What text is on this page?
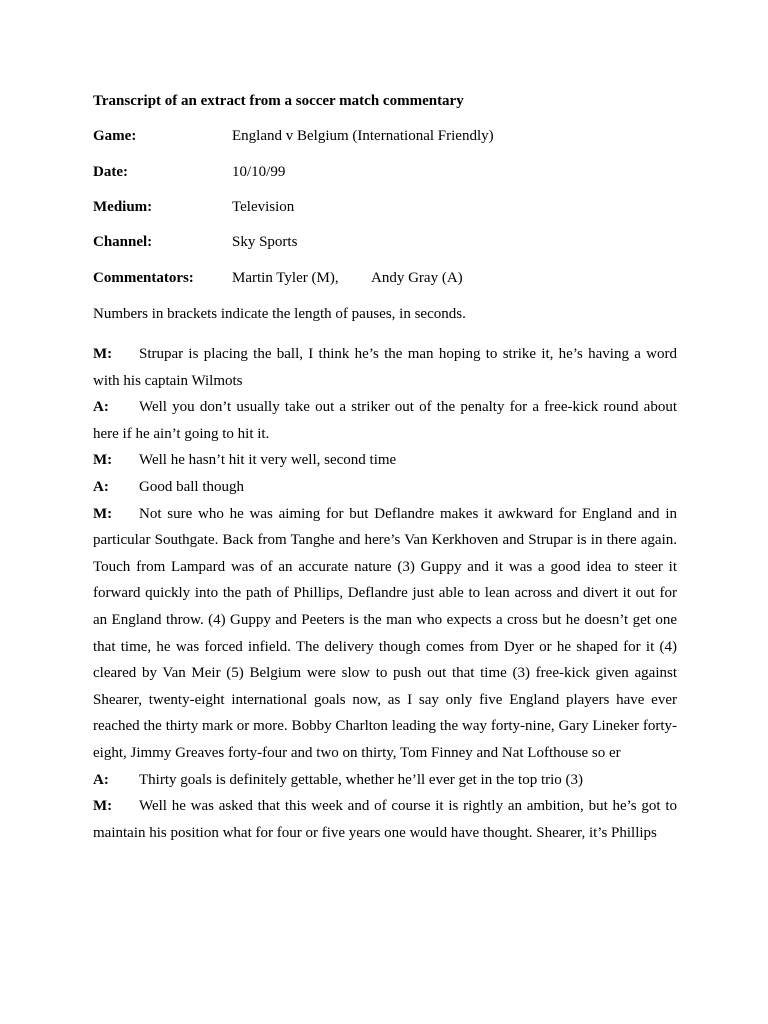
Transcript of an extract from a soccer match commentary
Game:	England v Belgium (International Friendly)
Date:	10/10/99
Medium:	Television
Channel:	Sky Sports
Commentators:	Martin Tyler (M), Andy Gray (A)
Numbers in brackets indicate the length of pauses, in seconds.

M: Strupar is placing the ball, I think he’s the man hoping to strike it, he’s having a word with his captain Wilmots

A: Well you don’t usually take out a striker out of the penalty for a free-kick round about here if he ain’t going to hit it.

M: Well he hasn’t hit it very well, second time

A: Good ball though

M: Not sure who he was aiming for but Deflandre makes it awkward for England and in particular Southgate. Back from Tanghe and here’s Van Kerkhoven and Strupar is in there again. Touch from Lampard was of an accurate nature (3) Guppy and it was a good idea to steer it forward quickly into the path of Phillips, Deflandre just able to lean across and divert it out for an England throw. (4) Guppy and Peeters is the man who expects a cross but he doesn’t get one that time, he was forced infield. The delivery though comes from Dyer or he shaped for it (4) cleared by Van Meir (5) Belgium were slow to push out that time (3) free-kick given against Shearer, twenty-eight international goals now, as I say only five England players have ever reached the thirty mark or more. Bobby Charlton leading the way forty-nine, Gary Lineker forty-eight, Jimmy Greaves forty-four and two on thirty, Tom Finney and Nat Lofthouse so er

A: Thirty goals is definitely gettable, whether he’ll ever get in the top trio (3)

M: Well he was asked that this week and of course it is rightly an ambition, but he’s got to maintain his position what for four or five years one would have thought. Shearer, it’s Phillips
